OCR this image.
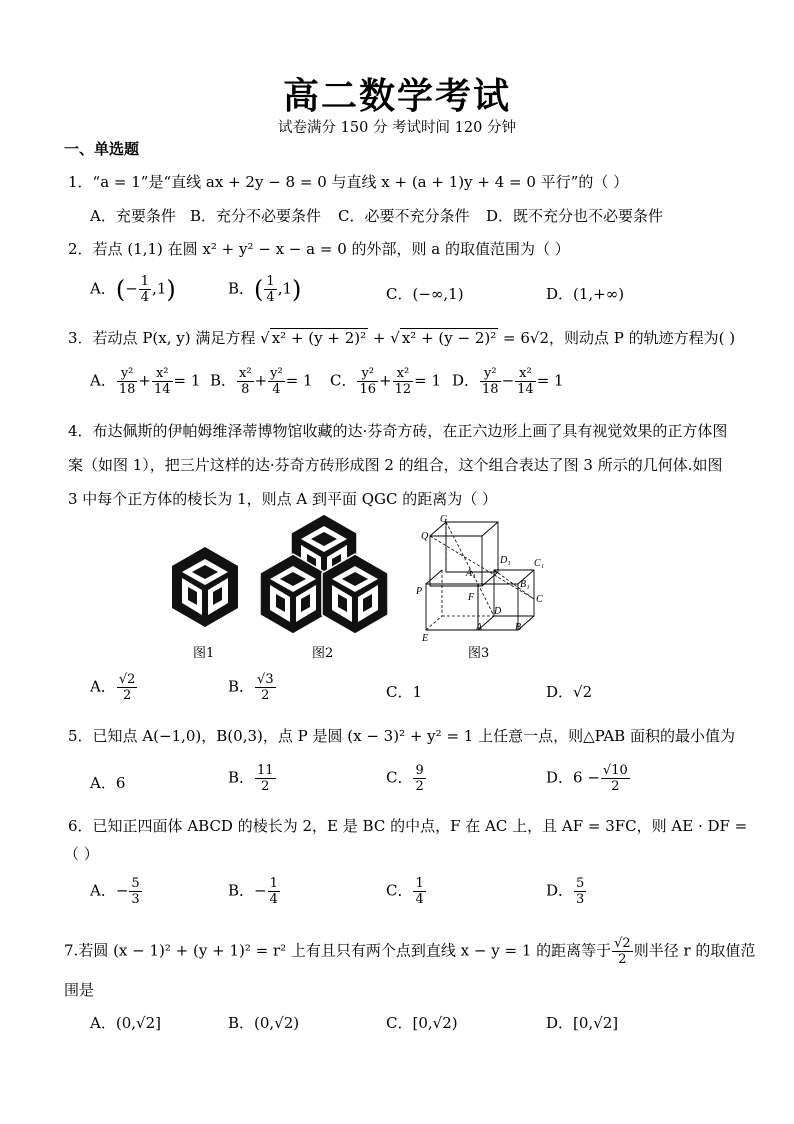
高二数学考试
试卷满分 150 分 考试时间 120 分钟
一、单选题
1．“a = 1”是“直线 ax + 2y − 8 = 0 与直线 x + (a + 1)y + 4 = 0 平行”的（ ）
A．充要条件 B．充分不必要条件 C．必要不充分条件 D．既不充分也不必要条件
2．若点 (1,1) 在圆 x² + y² − x − a = 0 的外部，则 a 的取值范围为（ ）
A．(− $\frac{1}{4} ,1$)	B．( $\frac{1}{4} ,1$)	C．(−∞,1)	D．(1,+∞)
3．若动点 P(x, y) 满足方程 √ x² + (y + 2)² + √ x² + (y − 2)² = 6√2，则动点 P 的轨迹方程为( )
A． $\frac{\text{y²}}{18} + \frac{\text{x²}}{14} = 1$ B． $\frac{\text{x²}}{8} + \frac{\text{y²}}{4} = 1$ C． $\frac{\text{y²}}{16} + \frac{\text{x²}}{12} = 1$ D． $\frac{\text{y²}}{18} - \frac{\text{x²}}{14} = 1$
4．布达佩斯的伊帕姆维泽蒂博物馆收藏的达·芬奇方砖，在正六边形上画了具有视觉效果的正方体图案（如图 1），把三片这样的达·芬奇方砖形成图 2 的组合，这个组合表达了图 3 所示的几何体.如图 3 中每个正方体的棱长为 1，则点 A 到平面 QGC 的距离为（ ）
图1	图2
G
Q
D₁ C₁
A₁
B₁
C
P
F
D
E
A	B
图3
A． $\frac{√2}{2}$	B． $\frac{√3}{2}$	C．1	D．√2
5．已知点 A(−1,0)，B(0,3)，点 P 是圆 (x − 3)² + y² = 1 上任意一点，则△PAB 面积的最小值为
A．6	B． $\frac{11}{2}$	C． $\frac{9}{2}$	D．$6 - \frac{√10}{2}$
6．已知正四面体 ABCD 的棱长为 2，E 是 BC 的中点，F 在 AC 上，且 AF = 3FC，则 AE · DF =
（ ）
A．− $\frac{5}{3}$	B．− $\frac{1}{4}$	C． $\frac{1}{4}$	D． $\frac{5}{3}$
7.若圆 (x − 1)² + (y + 1)² = r² 上有且只有两个点到直线 x − y = 1 的距离等于 $\frac{√2}{2}$ 则半径 r 的取值范
围是
A．(0,√2]	B．(0,√2)	C．[0,√2)	D．[0,√2]
